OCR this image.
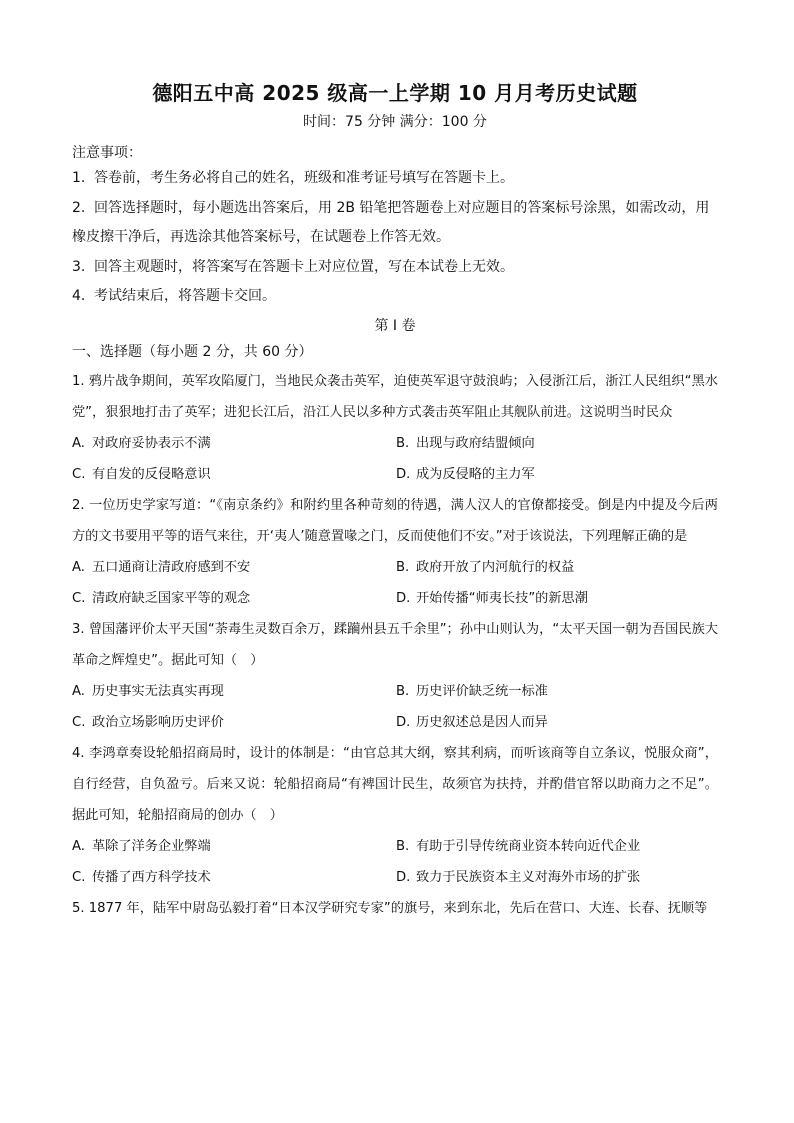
德阳五中高 2025 级高一上学期 10 月月考历史试题
时间：75 分钟 满分：100 分
注意事项：
1. 答卷前，考生务必将自己的姓名，班级和准考证号填写在答题卡上。
2. 回答选择题时，每小题选出答案后，用 2B 铅笔把答题卷上对应题目的答案标号涂黑，如需改动，用橡皮擦干净后，再选涂其他答案标号，在试题卷上作答无效。
3. 回答主观题时，将答案写在答题卡上对应位置，写在本试卷上无效。
4. 考试结束后，将答题卡交回。
第 I 卷
一、选择题（每小题 2 分，共 60 分）
1. 鸦片战争期间，英军攻陷厦门，当地民众袭击英军，迫使英军退守鼓浪屿；入侵浙江后，浙江人民组织“黑水党”，狠狠地打击了英军；进犯长江后，沿江人民以多种方式袭击英军阻止其舰队前进。这说明当时民众
A. 对政府妥协表示不满	B. 出现与政府结盟倾向
C. 有自发的反侵略意识	D. 成为反侵略的主力军
2. 一位历史学家写道：“《南京条约》和附约里各种苛刻的待遇，满人汉人的官僚都接受。倒是内中提及今后两方的文书要用平等的语气来往，开‘夷人’随意置喙之门，反而使他们不安。”对于该说法，下列理解正确的是
A. 五口通商让清政府感到不安	B. 政府开放了内河航行的权益
C. 清政府缺乏国家平等的观念	D. 开始传播“师夷长技”的新思潮
3. 曾国藩评价太平天国“荼毒生灵数百余万，蹂躏州县五千余里”；孙中山则认为，“太平天国一朝为吾国民族大革命之辉煌史”。据此可知（　）
A. 历史事实无法真实再现	B. 历史评价缺乏统一标准
C. 政治立场影响历史评价	D. 历史叙述总是因人而异
4. 李鸿章奏设轮船招商局时，设计的体制是：“由官总其大纲，察其利病，而听该商等自立条议，悦服众商”，自行经营，自负盈亏。后来又说：轮船招商局“有裨国计民生，故须官为扶持，并酌借官帑以助商力之不足”。据此可知，轮船招商局的创办（　）
A. 革除了洋务企业弊端	B. 有助于引导传统商业资本转向近代企业
C. 传播了西方科学技术	D. 致力于民族资本主义对海外市场的扩张
5. 1877 年，陆军中尉岛弘毅打着“日本汉学研究专家”的旗号，来到东北，先后在营口、大连、长春、抚顺等
